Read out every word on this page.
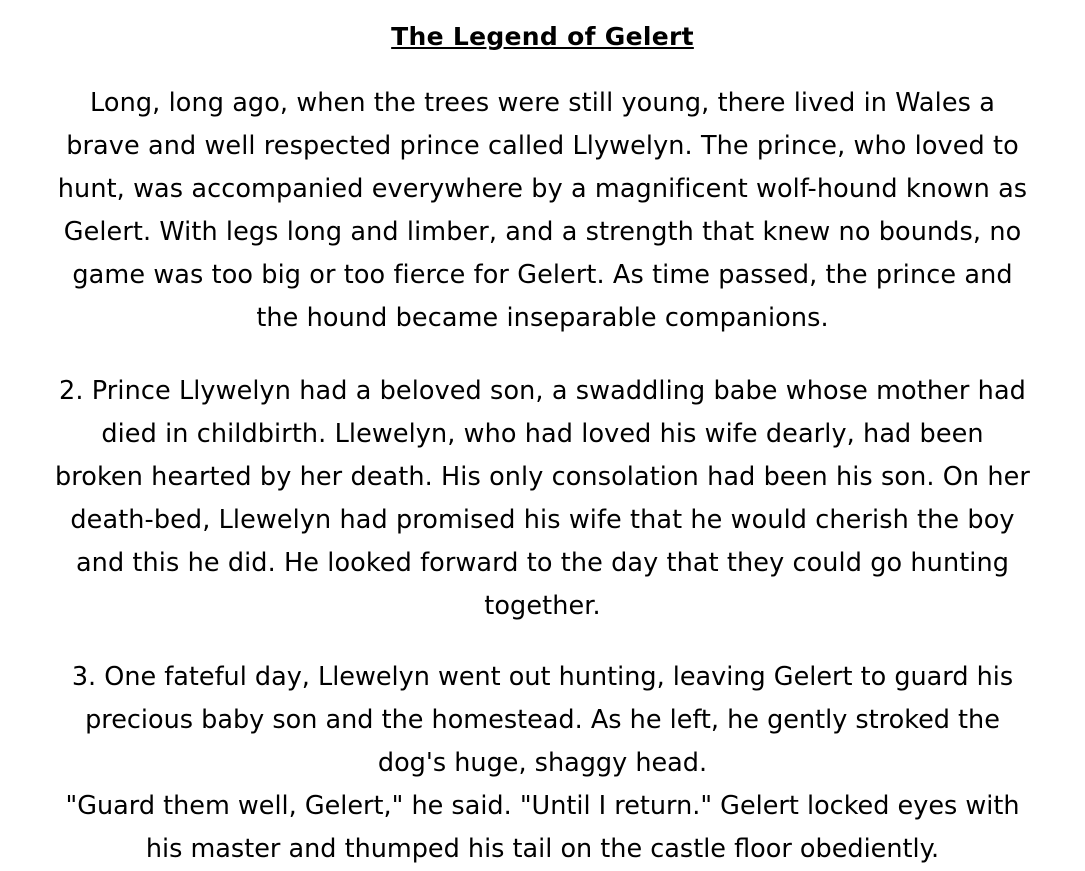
The Legend of Gelert

Long, long ago, when the trees were still young, there lived in Wales a brave and well respected prince called Llywelyn. The prince, who loved to hunt, was accompanied everywhere by a magnificent wolf-hound known as Gelert. With legs long and limber, and a strength that knew no bounds, no game was too big or too fierce for Gelert. As time passed, the prince and the hound became inseparable companions.

2. Prince Llywelyn had a beloved son, a swaddling babe whose mother had died in childbirth. Llewelyn, who had loved his wife dearly, had been broken hearted by her death. His only consolation had been his son. On her death-bed, Llewelyn had promised his wife that he would cherish the boy and this he did. He looked forward to the day that they could go hunting together.

3. One fateful day, Llewelyn went out hunting, leaving Gelert to guard his precious baby son and the homestead. As he left, he gently stroked the dog's huge, shaggy head.

"Guard them well, Gelert," he said. "Until I return." Gelert locked eyes with his master and thumped his tail on the castle floor obediently.
